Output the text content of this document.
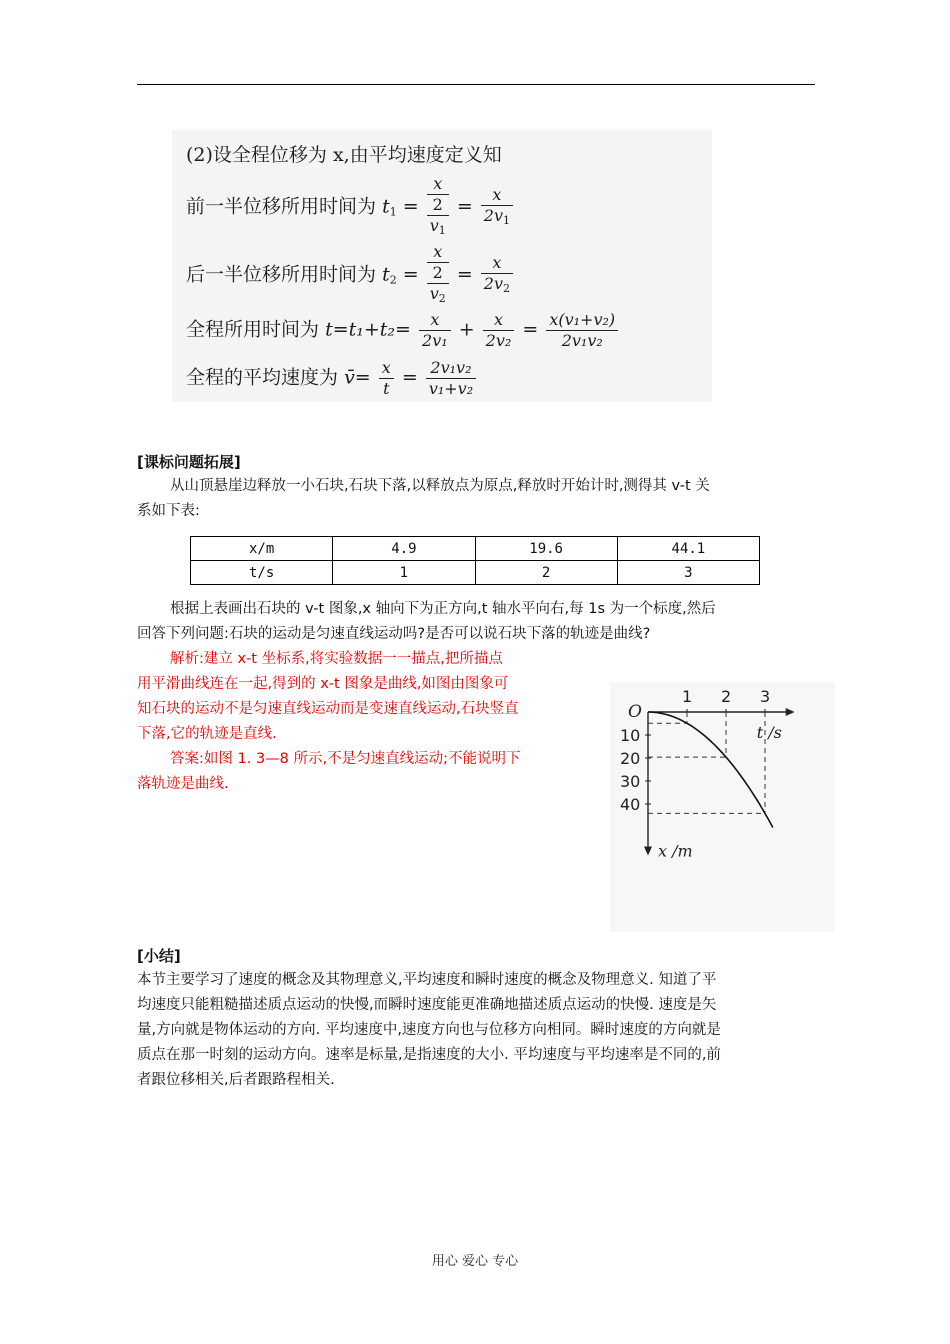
(2)设全程位移为 x,由平均速度定义知
前一半位移所用时间为 $t_1$ =
x
2
$v_1$
= $\frac{x}{2v_1}$
后一半位移所用时间为 $t_2$ =
x
2
$v_2$
= $\frac{x}{2v_2}$
全程所用时间为 $t=t_1+t_2= \frac{x}{\text{2v₁}} + \frac{x}{\text{2v₂}} = \frac{\text{x(v₁+v₂)}}{\text{2v₁v₂}}$
全程的平均速度为 v̄= $\frac{x}{t} = \frac{\text{2v₁v₂}}{\text{v₁+v₂}}$
[课标问题拓展]
从山顶悬崖边释放一小石块,石块下落,以释放点为原点,释放时开始计时,测得其 v-t 关
系如下表:
x/m	4.9	19.6	44.1
t/s	1	2	3
根据上表画出石块的 v-t 图象,x 轴向下为正方向,t 轴水平向右,每 1s 为一个标度,然后
回答下列问题:石块的运动是匀速直线运动吗?是否可以说石块下落的轨迹是曲线?
解析:建立 x-t 坐标系,将实验数据一一描点,把所描点
用平滑曲线连在一起,得到的 x-t 图象是曲线,如图由图象可
知石块的运动不是匀速直线运动而是变速直线运动,石块竖直
下落,它的轨迹是直线.
答案:如图 1. 3—8 所示,不是匀速直线运动;不能说明下
落轨迹是曲线.
O
t /s
x /m
1 2 3
10
20
30
40
[小结]
本节主要学习了速度的概念及其物理意义,平均速度和瞬时速度的概念及物理意义. 知道了平
均速度只能粗糙描述质点运动的快慢,而瞬时速度能更准确地描述质点运动的快慢. 速度是矢
量,方向就是物体运动的方向. 平均速度中,速度方向也与位移方向相同。瞬时速度的方向就是
质点在那一时刻的运动方向。速率是标量,是指速度的大小. 平均速度与平均速率是不同的,前
者跟位移相关,后者跟路程相关.
用心 爱心 专心
